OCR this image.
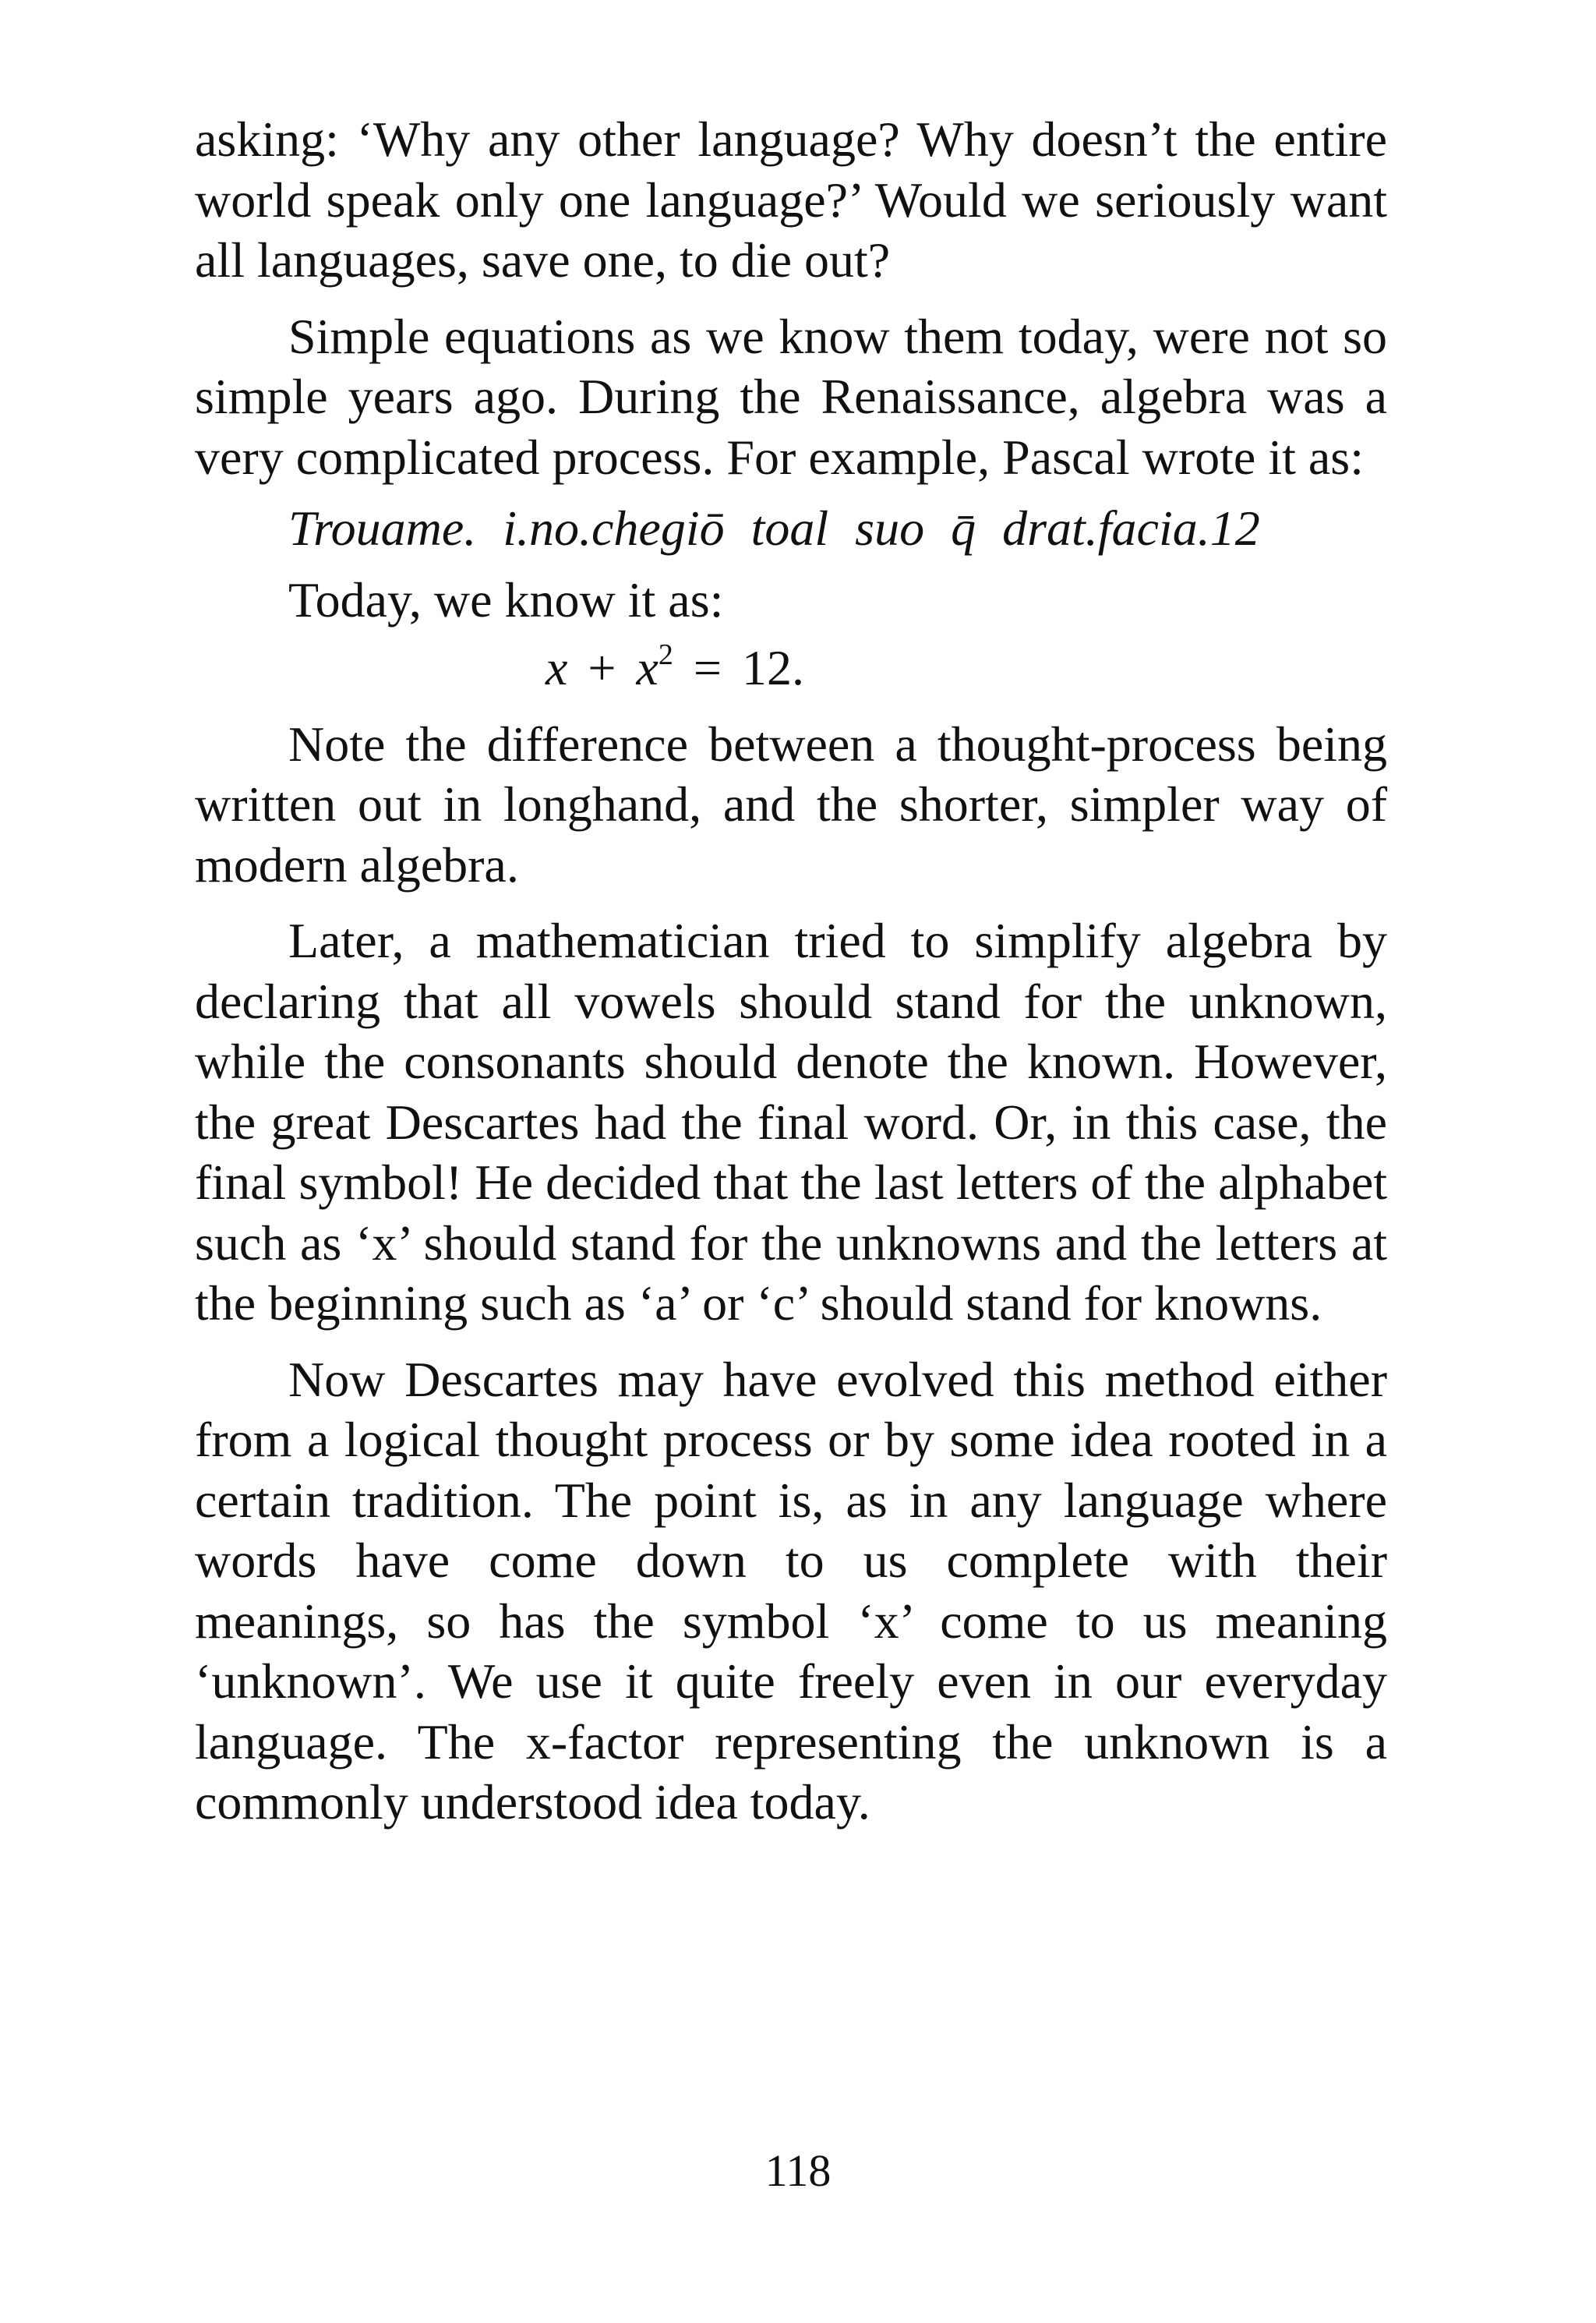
asking: ‘Why any other language? Why doesn’t the entire world speak only one language?’ Would we seriously want all languages, save one, to die out?

Simple equations as we know them today, were not so simple years ago. During the Renaissance, algebra was a very complicated process. For example, Pascal wrote it as:

Trouame. i.no.chegiō toal suo q̄ drat.facia.12
Today, we know it as:
$x + x^2 = 12$.

Note the difference between a thought-process being written out in longhand, and the shorter, simpler way of modern algebra.

Later, a mathematician tried to simplify algebra by declaring that all vowels should stand for the unknown, while the consonants should denote the known. However, the great Descartes had the final word. Or, in this case, the final symbol! He decided that the last letters of the alphabet such as ‘x’ should stand for the unknowns and the letters at the beginning such as ‘a’ or ‘c’ should stand for knowns.

Now Descartes may have evolved this method either from a logical thought process or by some idea rooted in a certain tradition. The point is, as in any language where words have come down to us complete with their meanings, so has the symbol ‘x’ come to us meaning ‘unknown’. We use it quite freely even in our everyday language. The x-factor representing the unknown is a commonly understood idea today.

118
